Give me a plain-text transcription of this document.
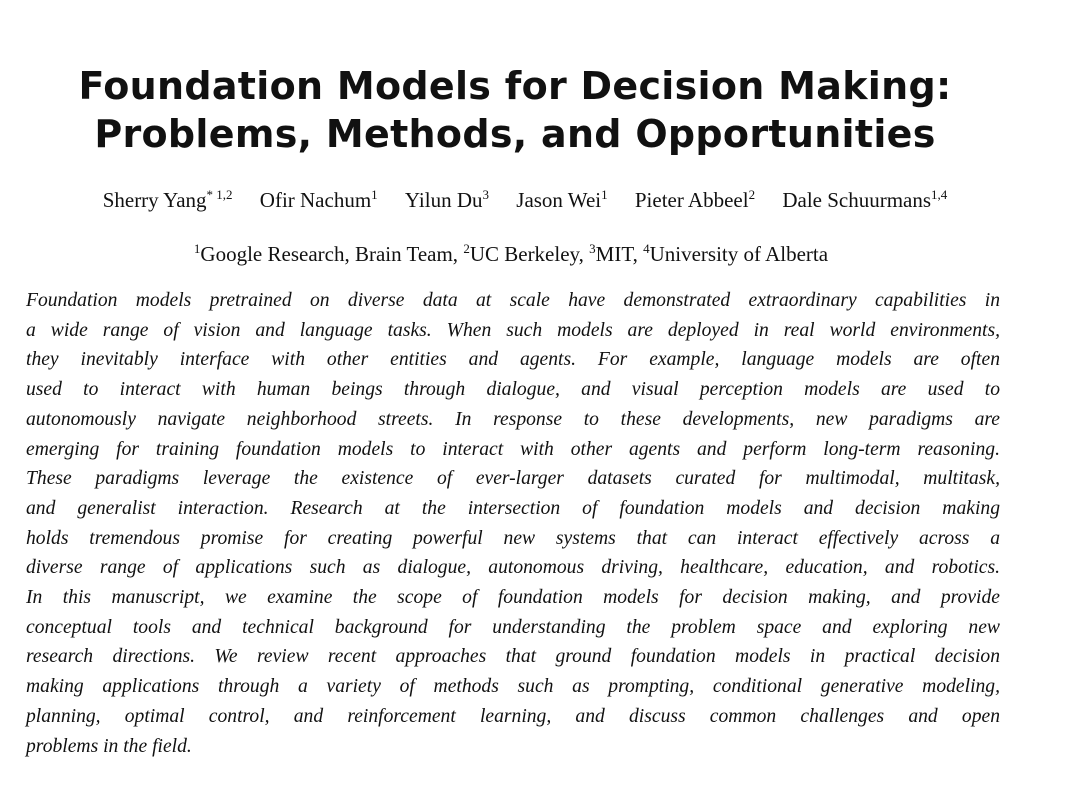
Foundation Models for Decision Making:
Problems, Methods, and Opportunities
Sherry Yang$^{* 1,2}$ Ofir Nachum$^1$ Yilun Du$^3$ Jason Wei$^1$ Pieter Abbeel$^2$ Dale Schuurmans$^{1,4}$
$^1$Google Research, Brain Team, $^2$UC Berkeley, $^3$MIT, $^4$University of Alberta
Foundation models pretrained on diverse data at scale have demonstrated extraordinary capabilities in
a wide range of vision and language tasks. When such models are deployed in real world environments,
they inevitably interface with other entities and agents. For example, language models are often
used to interact with human beings through dialogue, and visual perception models are used to
autonomously navigate neighborhood streets. In response to these developments, new paradigms are
emerging for training foundation models to interact with other agents and perform long-term reasoning.
These paradigms leverage the existence of ever-larger datasets curated for multimodal, multitask,
and generalist interaction. Research at the intersection of foundation models and decision making
holds tremendous promise for creating powerful new systems that can interact effectively across a
diverse range of applications such as dialogue, autonomous driving, healthcare, education, and robotics.
In this manuscript, we examine the scope of foundation models for decision making, and provide
conceptual tools and technical background for understanding the problem space and exploring new
research directions. We review recent approaches that ground foundation models in practical decision
making applications through a variety of methods such as prompting, conditional generative modeling,
planning, optimal control, and reinforcement learning, and discuss common challenges and open
problems in the field.
